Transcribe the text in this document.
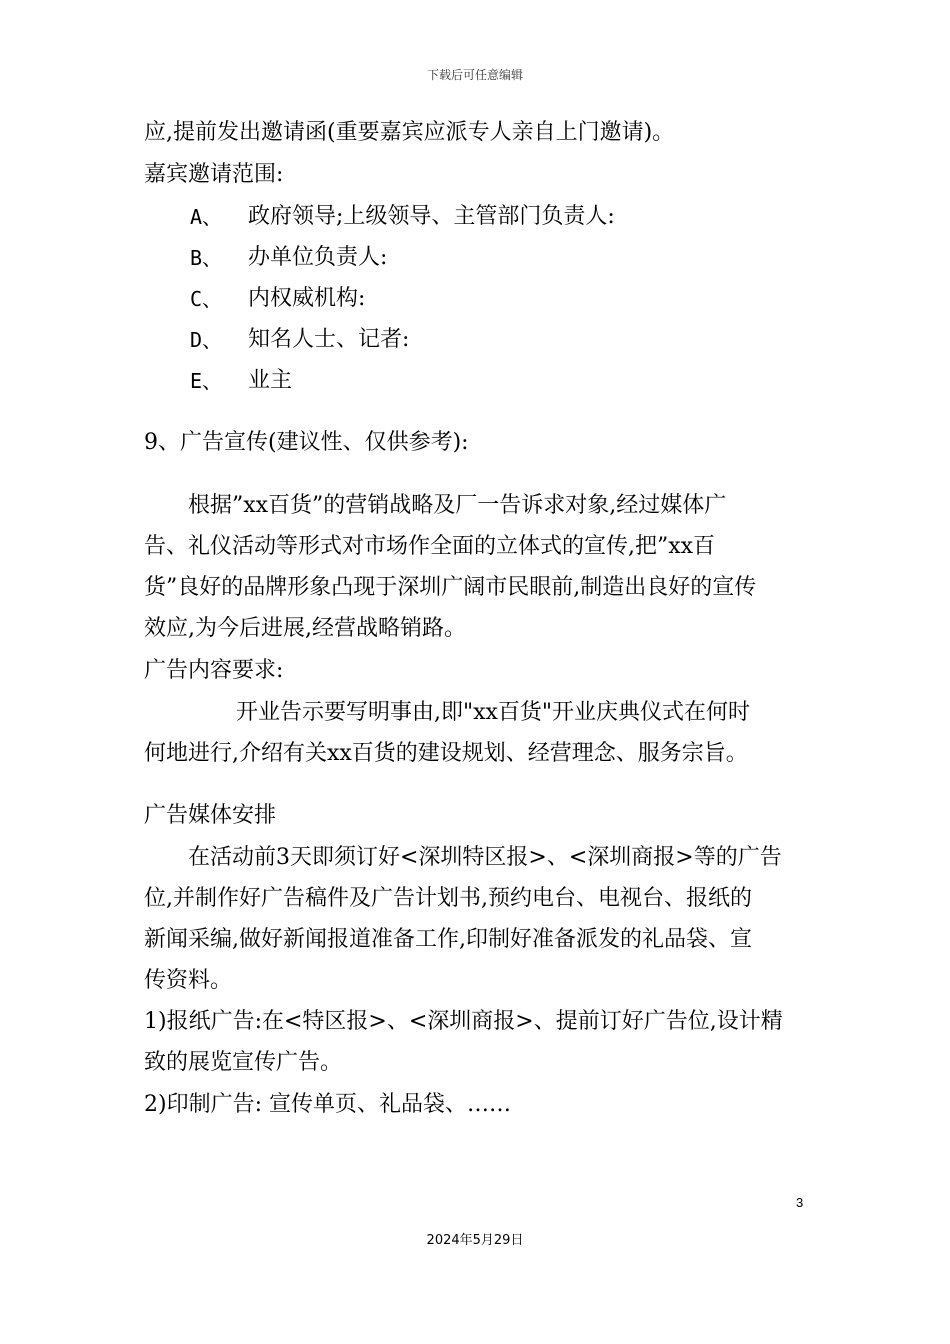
下载后可任意编辑
应,提前发出邀请函(重要嘉宾应派专人亲自上门邀请)。
嘉宾邀请范围:
A、 政府领导;上级领导、主管部门负责人:
B、 办单位负责人:
C、 内权威机构:
D、 知名人士、记者:
E、 业主
9、广告宣传(建议性、仅供参考):
根据”xx百货”的营销战略及厂一告诉求对象,经过媒体广
告、礼仪活动等形式对市场作全面的立体式的宣传,把”xx百
货”良好的品牌形象凸现于深圳广阔市民眼前,制造出良好的宣传
效应,为今后进展,经营战略销路。
广告内容要求:
开业告示要写明事由,即"xx百货"开业庆典仪式在何时
何地进行,介绍有关xx百货的建设规划、经营理念、服务宗旨。
广告媒体安排
在活动前3天即须订好<深圳特区报>、<深圳商报>等的广告
位,并制作好广告稿件及广告计划书,预约电台、电视台、报纸的
新闻采编,做好新闻报道准备工作,印制好准备派发的礼品袋、宣
传资料。
1)报纸广告:在<特区报>、<深圳商报>、提前订好广告位,设计精
致的展览宣传广告。
2)印制广告: 宣传单页、礼品袋、……
3
2024年5月29日
